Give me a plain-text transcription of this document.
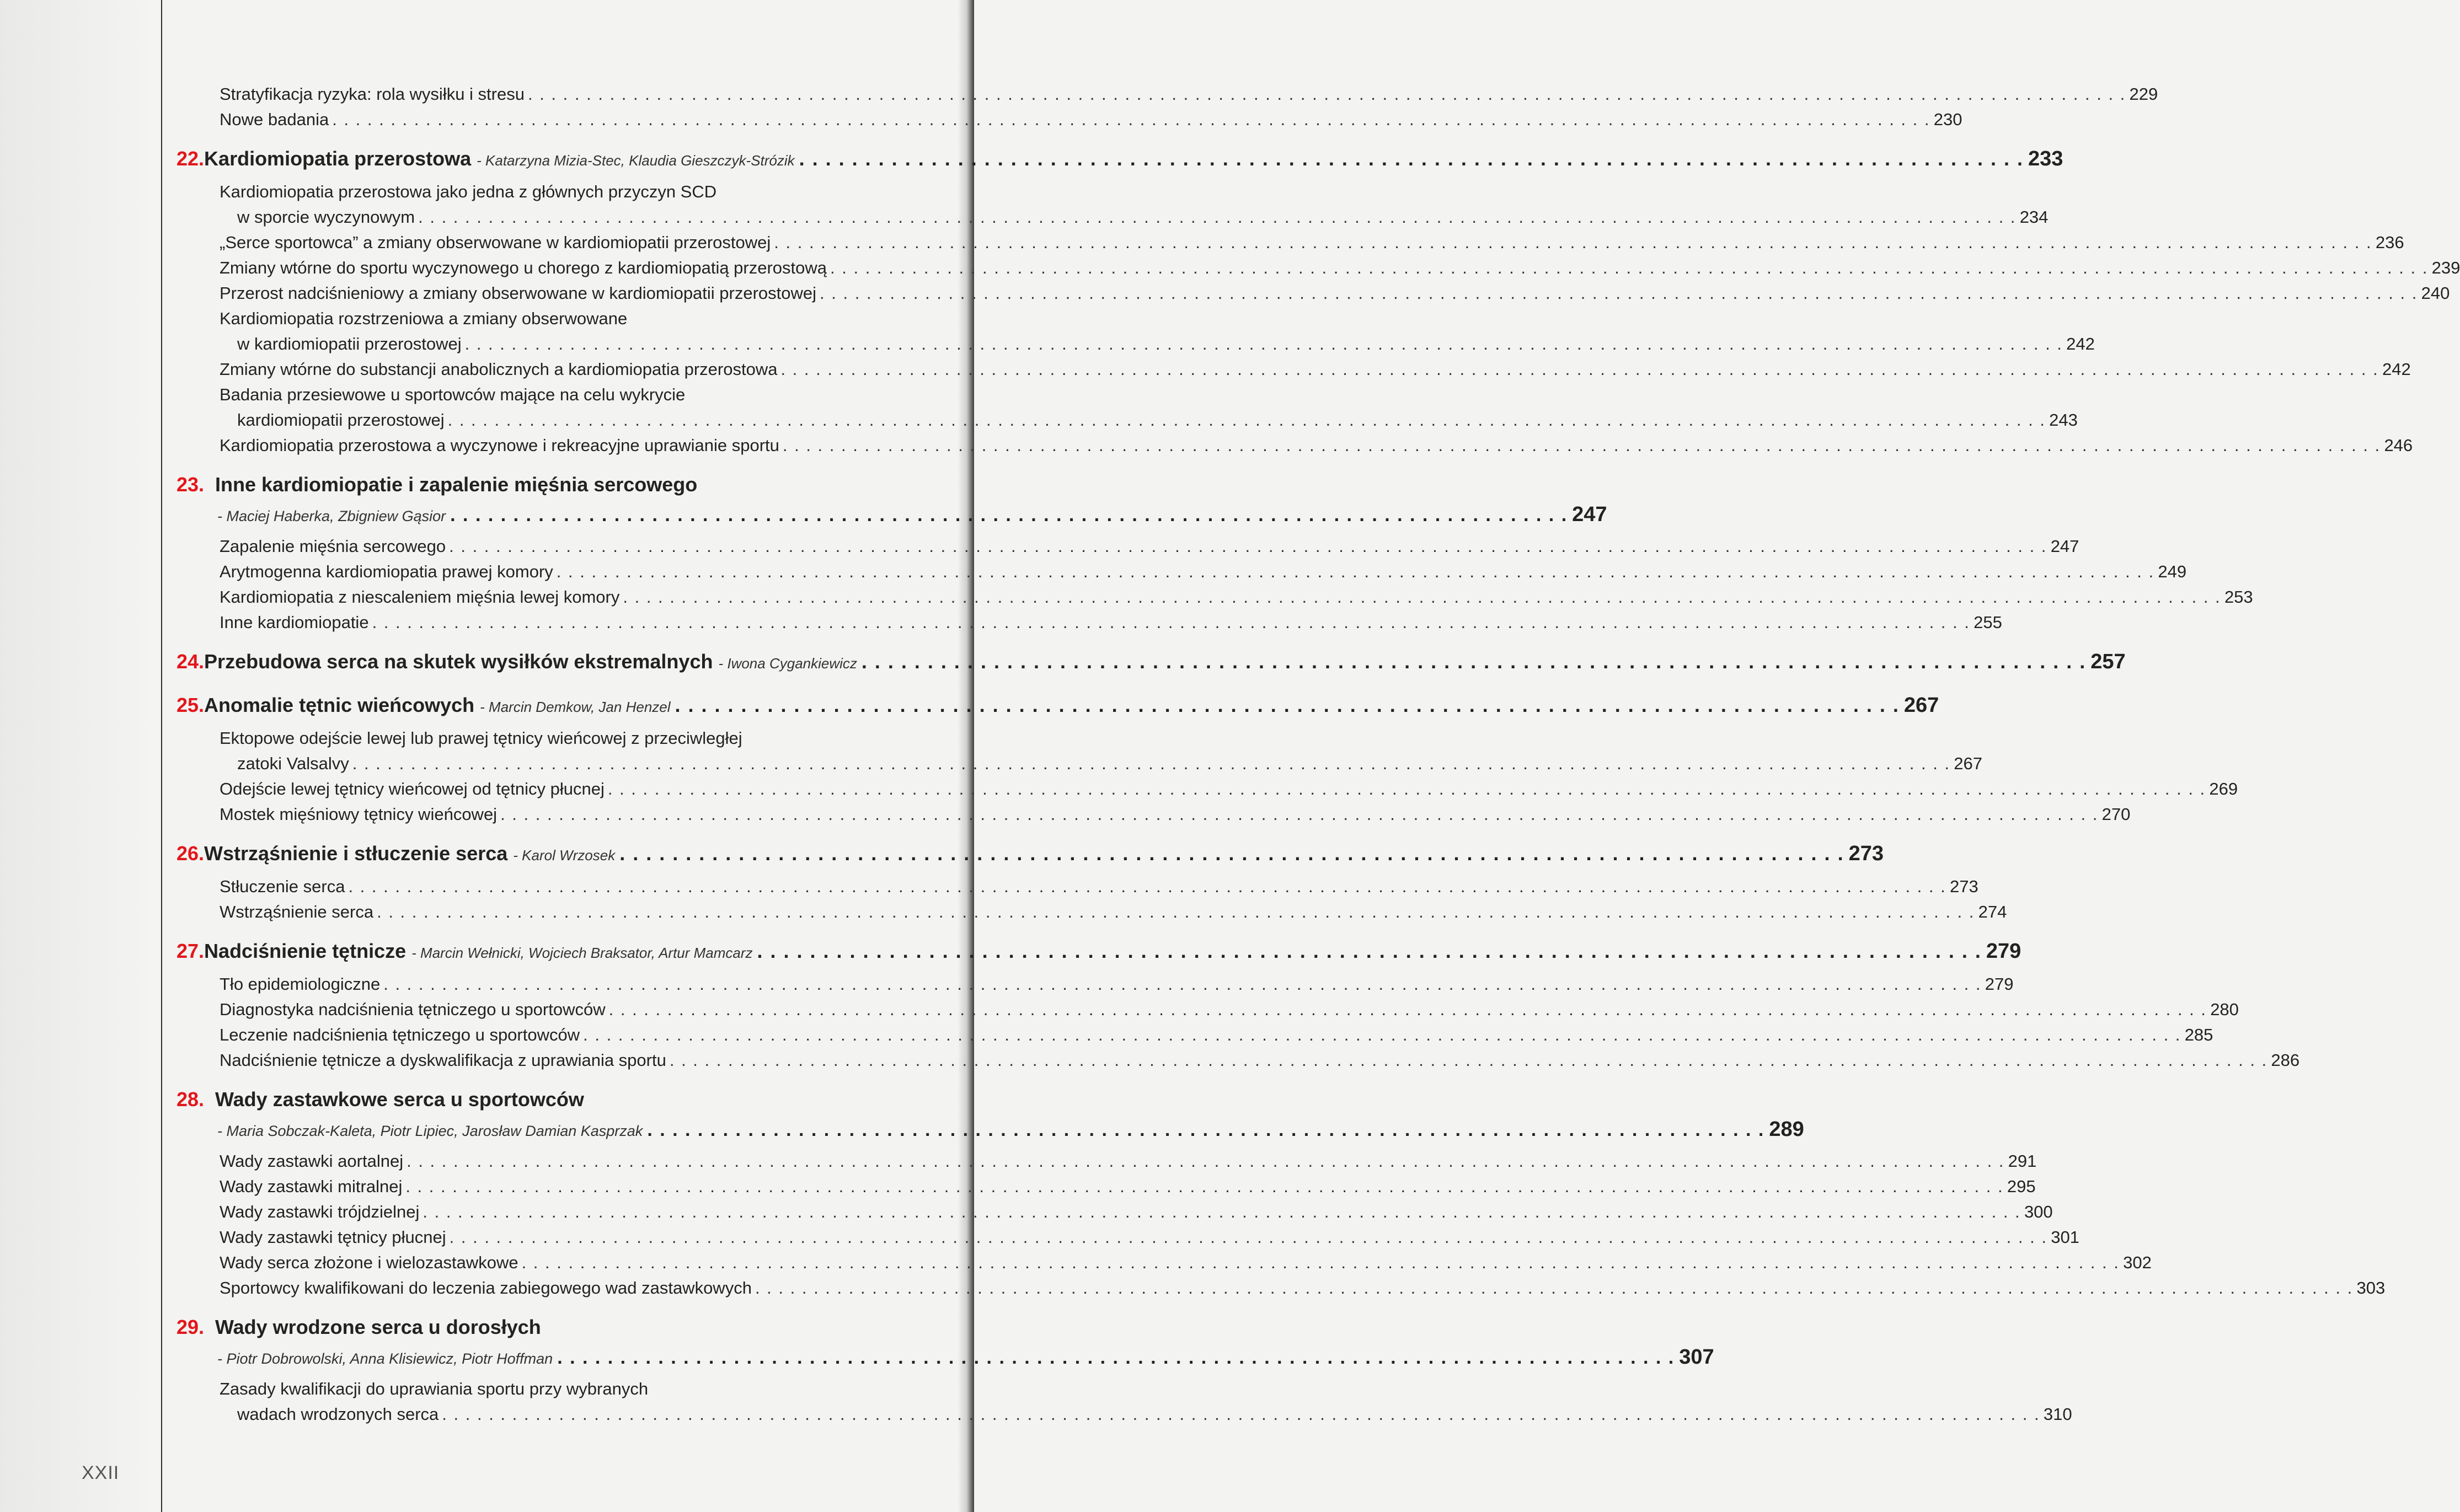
XXII
Stratyfikacja ryzyka: rola wysiłku i stresu . . .	229
Nowe badania . . .	230
22. Kardiomiopatia przerostowa - Katarzyna Mizia-Stec, Klaudia Gieszczyk-Strózik . . .	233
Kardiomiopatia przerostowa jako jedna z głównych przyczyn SCD
w sporcie wyczynowym . . .	234
„Serce sportowca” a zmiany obserwowane w kardiomiopatii przerostowej . . .	236
Zmiany wtórne do sportu wyczynowego u chorego z kardiomiopatią przerostową . . .	239
Przerost nadciśnieniowy a zmiany obserwowane w kardiomiopatii przerostowej . . .	240
Kardiomiopatia rozstrzeniowa a zmiany obserwowane
w kardiomiopatii przerostowej . . .	242
Zmiany wtórne do substancji anabolicznych a kardiomiopatia przerostowa . . .	242
Badania przesiewowe u sportowców mające na celu wykrycie
kardiomiopatii przerostowej . . .	243
Kardiomiopatia przerostowa a wyczynowe i rekreacyjne uprawianie sportu . . .	246
23. Inne kardiomiopatie i zapalenie mięśnia sercowego
- Maciej Haberka, Zbigniew Gąsior . . .	247
Zapalenie mięśnia sercowego . . .	247
Arytmogenna kardiomiopatia prawej komory . . .	249
Kardiomiopatia z niescaleniem mięśnia lewej komory . . .	253
Inne kardiomiopatie . . .	255
24. Przebudowa serca na skutek wysiłków ekstremalnych - Iwona Cygankiewicz . . .	257
25. Anomalie tętnic wieńcowych - Marcin Demkow, Jan Henzel . . .	267
Ektopowe odejście lewej lub prawej tętnicy wieńcowej z przeciwległej
zatoki Valsalvy . . .	267
Odejście lewej tętnicy wieńcowej od tętnicy płucnej . . .	269
Mostek mięśniowy tętnicy wieńcowej . . .	270
26. Wstrząśnienie i stłuczenie serca - Karol Wrzosek . . .	273
Stłuczenie serca . . .	273
Wstrząśnienie serca . . .	274
27. Nadciśnienie tętnicze - Marcin Wełnicki, Wojciech Braksator, Artur Mamcarz . . .	279
Tło epidemiologiczne . . .	279
Diagnostyka nadciśnienia tętniczego u sportowców . . .	280
Leczenie nadciśnienia tętniczego u sportowców . . .	285
Nadciśnienie tętnicze a dyskwalifikacja z uprawiania sportu . . .	286
28. Wady zastawkowe serca u sportowców
- Maria Sobczak-Kaleta, Piotr Lipiec, Jarosław Damian Kasprzak . . .	289
Wady zastawki aortalnej . . .	291
Wady zastawki mitralnej . . .	295
Wady zastawki trójdzielnej . . .	300
Wady zastawki tętnicy płucnej . . .	301
Wady serca złożone i wielozastawkowe . . .	302
Sportowcy kwalifikowani do leczenia zabiegowego wad zastawkowych . . .	303
29. Wady wrodzone serca u dorosłych
- Piotr Dobrowolski, Anna Klisiewicz, Piotr Hoffman . . .	307
Zasady kwalifikacji do uprawiania sportu przy wybranych
wadach wrodzonych serca . . .	310
